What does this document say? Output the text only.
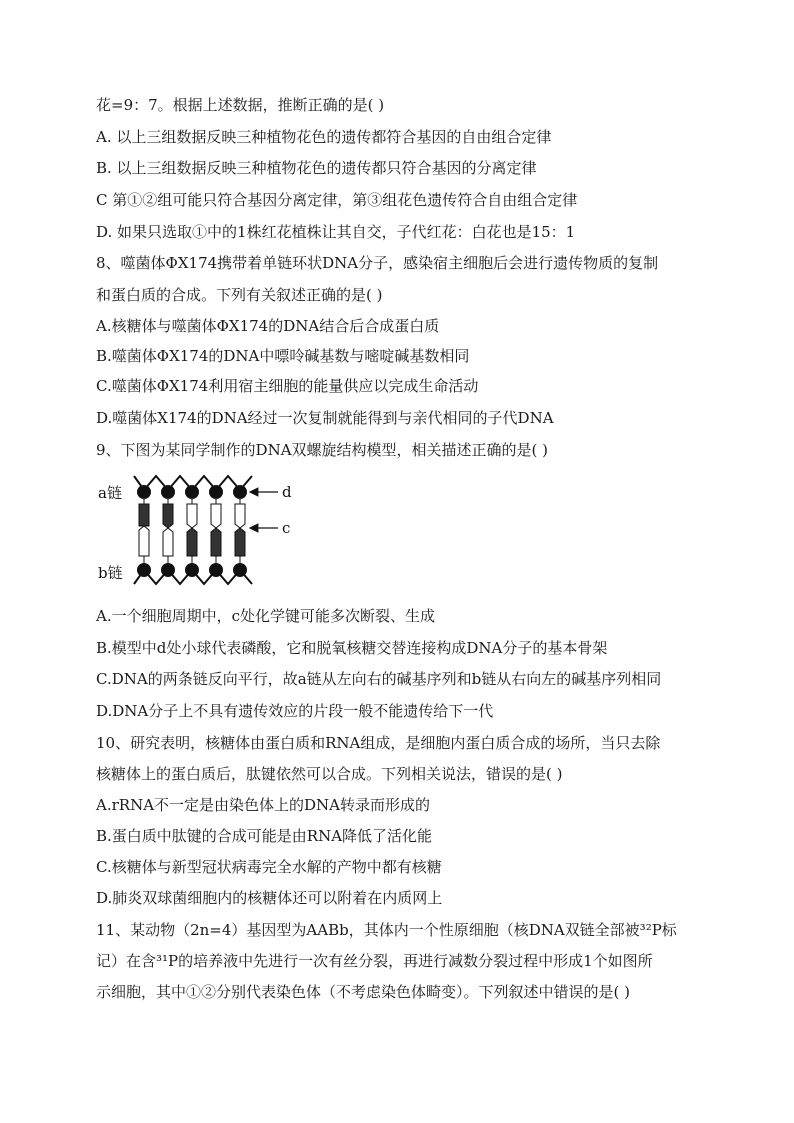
花=9：7。根据上述数据，推断正确的是( )
A. 以上三组数据反映三种植物花色的遗传都符合基因的自由组合定律
B. 以上三组数据反映三种植物花色的遗传都只符合基因的分离定律
C 第①②组可能只符合基因分离定律，第③组花色遗传符合自由组合定律
D. 如果只选取①中的1株红花植株让其自交，子代红花：白花也是15：1
8、噬菌体ΦX174携带着单链环状DNA分子，感染宿主细胞后会进行遗传物质的复制
和蛋白质的合成。下列有关叙述正确的是( )
A.核糖体与噬菌体ΦX174的DNA结合后合成蛋白质
B.噬菌体ΦX174的DNA中嘌呤碱基数与嘧啶碱基数相同
C.噬菌体ΦX174利用宿主细胞的能量供应以完成生命活动
D.噬菌体X174的DNA经过一次复制就能得到与亲代相同的子代DNA
9、下图为某同学制作的DNA双螺旋结构模型，相关描述正确的是( )
A.一个细胞周期中，c处化学键可能多次断裂、生成
B.模型中d处小球代表磷酸，它和脱氧核糖交替连接构成DNA分子的基本骨架
C.DNA的两条链反向平行，故a链从左向右的碱基序列和b链从右向左的碱基序列相同
D.DNA分子上不具有遗传效应的片段一般不能遗传给下一代
10、研究表明，核糖体由蛋白质和RNA组成，是细胞内蛋白质合成的场所，当只去除
核糖体上的蛋白质后，肽键依然可以合成。下列相关说法，错误的是( )
A.rRNA不一定是由染色体上的DNA转录而形成的
B.蛋白质中肽键的合成可能是由RNA降低了活化能
C.核糖体与新型冠状病毒完全水解的产物中都有核糖
D.肺炎双球菌细胞内的核糖体还可以附着在内质网上
11、某动物（2n=4）基因型为AABb，其体内一个性原细胞（核DNA双链全部被³²P标
记）在含³¹P的培养液中先进行一次有丝分裂，再进行减数分裂过程中形成1个如图所
示细胞，其中①②分别代表染色体（不考虑染色体畸变）。下列叙述中错误的是( )
a链
b链
d
c
